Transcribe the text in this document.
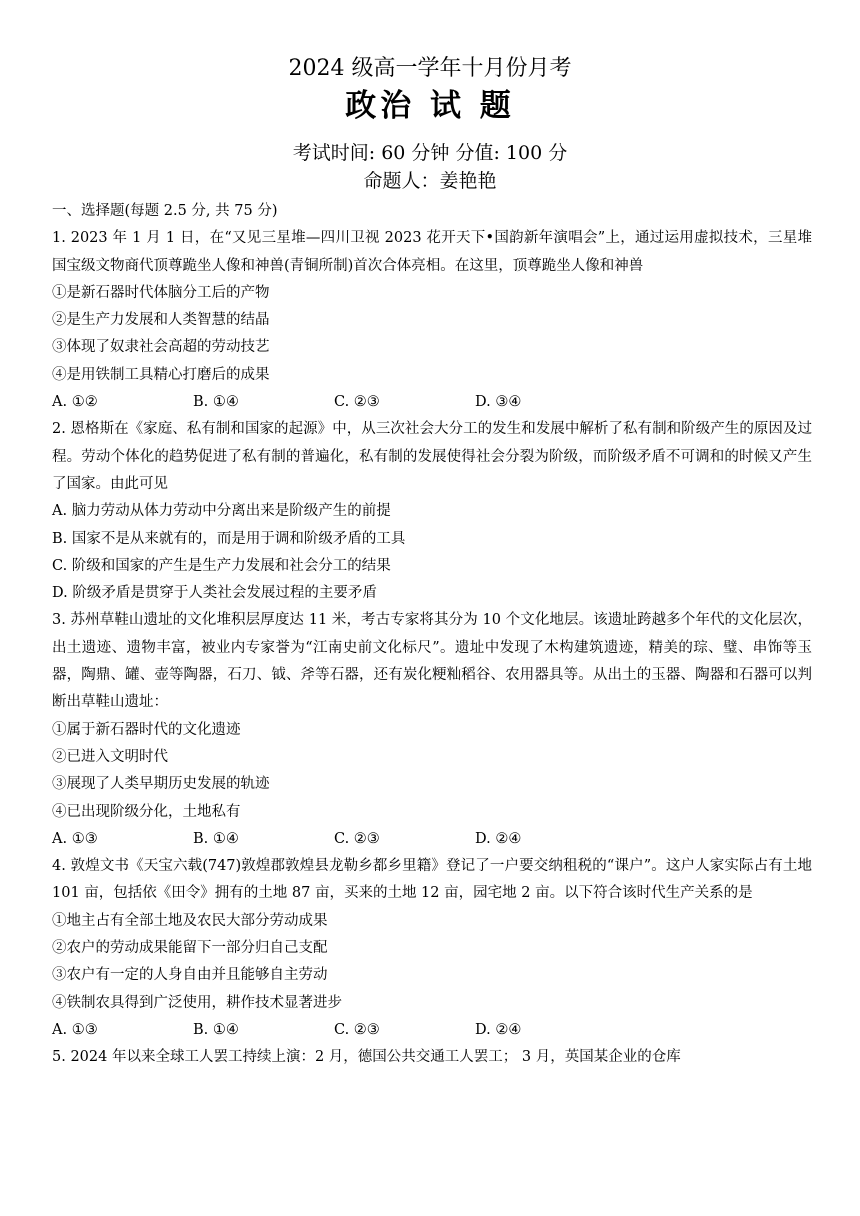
2024 级高一学年十月份月考
政治 试 题
考试时间: 60 分钟 分值: 100 分
命题人：姜艳艳
一、选择题(每题 2.5 分, 共 75 分)
1. 2023 年 1 月 1 日，在“又见三星堆—四川卫视 2023 花开天下•国韵新年演唱会”上，通过运用虚拟技术，三星堆国宝级文物商代顶尊跪坐人像和神兽(青铜所制)首次合体亮相。在这里，顶尊跪坐人像和神兽
①是新石器时代体脑分工后的产物
②是生产力发展和人类智慧的结晶
③体现了奴隶社会高超的劳动技艺
④是用铁制工具精心打磨后的成果
A. ①②	B. ①④	C. ②③	D. ③④
2. 恩格斯在《家庭、私有制和国家的起源》中，从三次社会大分工的发生和发展中解析了私有制和阶级产生的原因及过程。劳动个体化的趋势促进了私有制的普遍化，私有制的发展使得社会分裂为阶级，而阶级矛盾不可调和的时候又产生了国家。由此可见
A. 脑力劳动从体力劳动中分离出来是阶级产生的前提
B. 国家不是从来就有的，而是用于调和阶级矛盾的工具
C. 阶级和国家的产生是生产力发展和社会分工的结果
D. 阶级矛盾是贯穿于人类社会发展过程的主要矛盾
3. 苏州草鞋山遗址的文化堆积层厚度达 11 米，考古专家将其分为 10 个文化地层。该遗址跨越多个年代的文化层次，出土遗迹、遗物丰富，被业内专家誉为“江南史前文化标尺”。遗址中发现了木构建筑遗迹，精美的琮、璧、串饰等玉器，陶鼎、罐、壶等陶器，石刀、钺、斧等石器，还有炭化粳籼稻谷、农用器具等。从出土的玉器、陶器和石器可以判断出草鞋山遗址：
①属于新石器时代的文化遗迹
②已进入文明时代
③展现了人类早期历史发展的轨迹
④已出现阶级分化，土地私有
A. ①③	B. ①④	C. ②③	D. ②④
4. 敦煌文书《天宝六载(747)敦煌郡敦煌县龙勒乡都乡里籍》登记了一户要交纳租税的“课户”。这户人家实际占有土地 101 亩，包括依《田令》拥有的土地 87 亩，买来的土地 12 亩，园宅地 2 亩。以下符合该时代生产关系的是
①地主占有全部土地及农民大部分劳动成果
②农户的劳动成果能留下一部分归自己支配
③农户有一定的人身自由并且能够自主劳动
④铁制农具得到广泛使用，耕作技术显著进步
A. ①③	B. ①④	C. ②③	D. ②④
5. 2024 年以来全球工人罢工持续上演：2 月，德国公共交通工人罢工； 3 月，英国某企业的仓库
